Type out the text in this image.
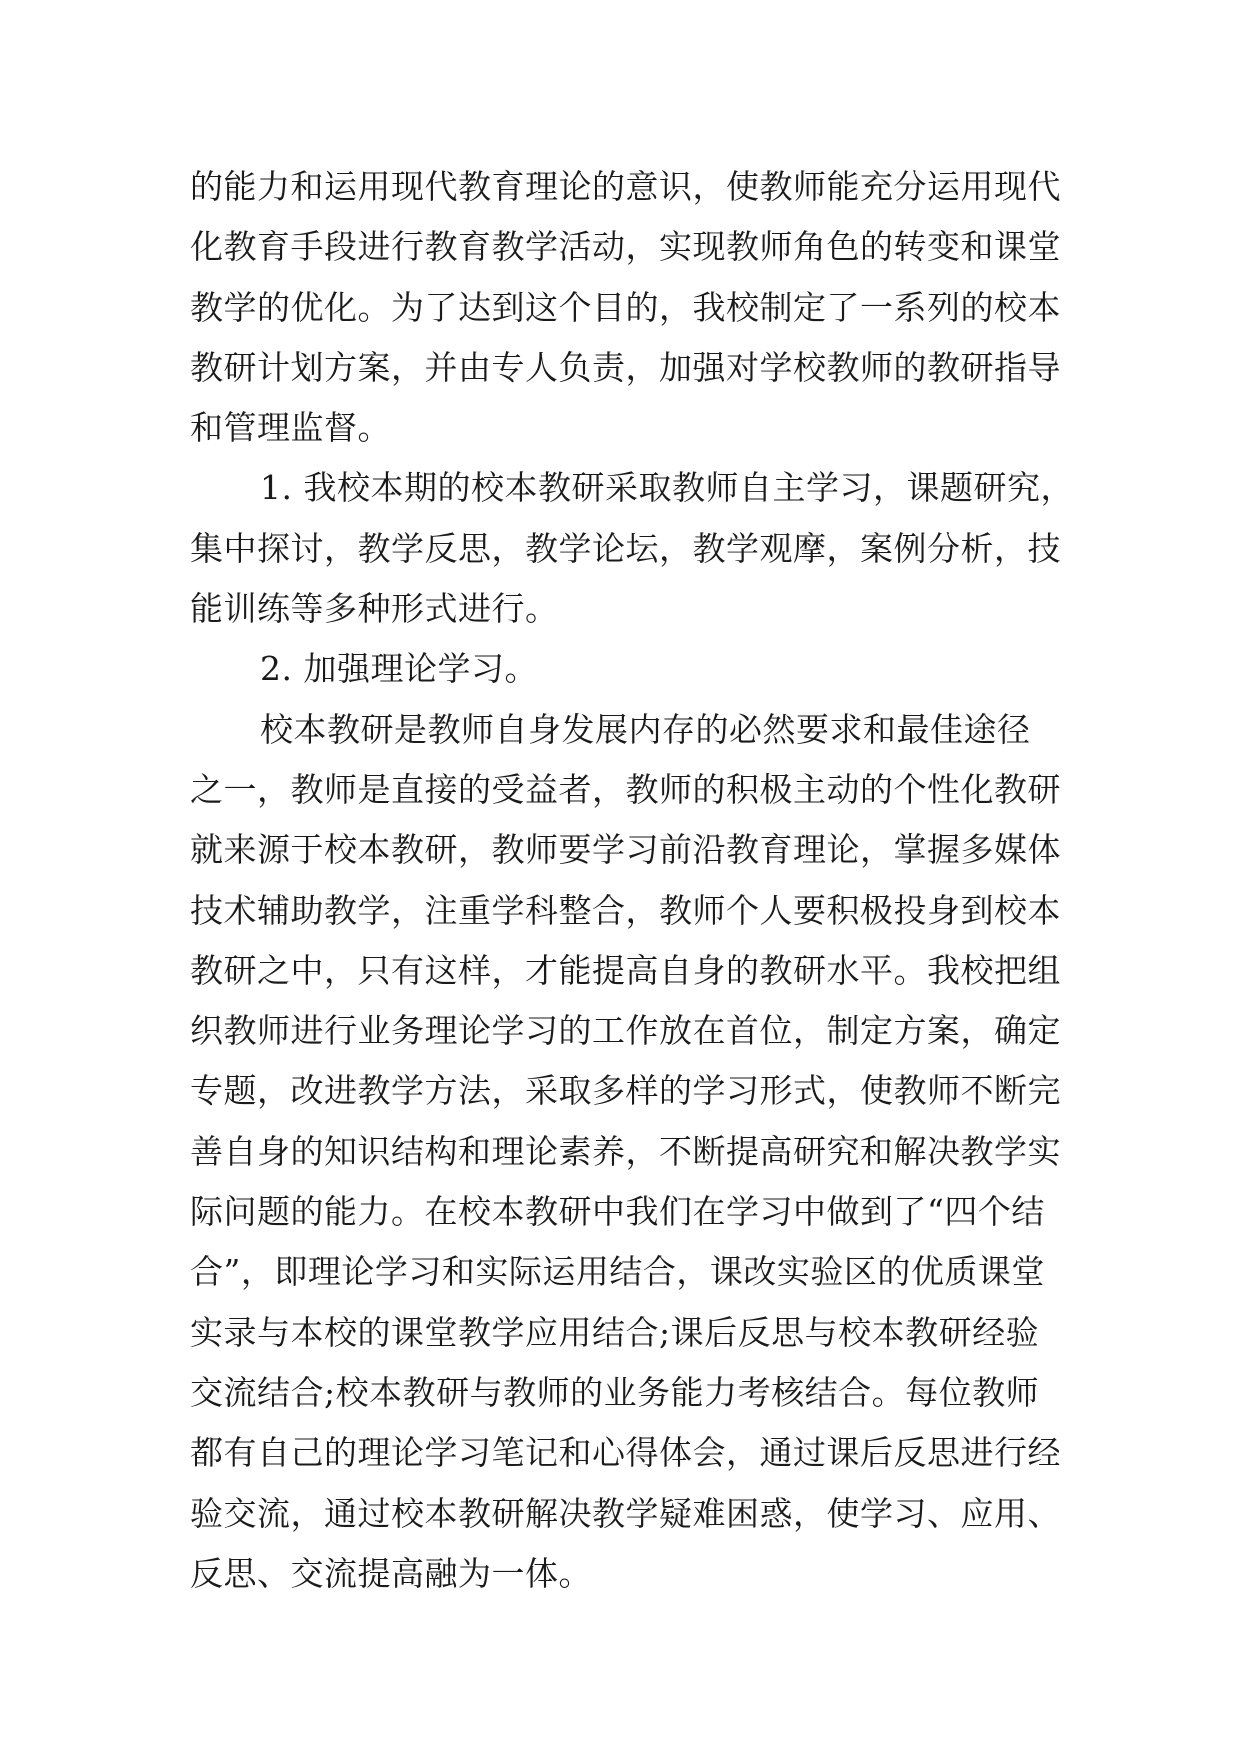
的能力和运用现代教育理论的意识，使教师能充分运用现代
化教育手段进行教育教学活动，实现教师角色的转变和课堂
教学的优化。为了达到这个目的，我校制定了一系列的校本
教研计划方案，并由专人负责，加强对学校教师的教研指导
和管理监督。
1. 我校本期的校本教研采取教师自主学习，课题研究，
集中探讨，教学反思，教学论坛，教学观摩，案例分析，技
能训练等多种形式进行。
2. 加强理论学习。
校本教研是教师自身发展内存的必然要求和最佳途径
之一，教师是直接的受益者，教师的积极主动的个性化教研
就来源于校本教研，教师要学习前沿教育理论，掌握多媒体
技术辅助教学，注重学科整合，教师个人要积极投身到校本
教研之中，只有这样，才能提高自身的教研水平。我校把组
织教师进行业务理论学习的工作放在首位，制定方案，确定
专题，改进教学方法，采取多样的学习形式，使教师不断完
善自身的知识结构和理论素养，不断提高研究和解决教学实
际问题的能力。在校本教研中我们在学习中做到了“四个结
合”，即理论学习和实际运用结合，课改实验区的优质课堂
实录与本校的课堂教学应用结合;课后反思与校本教研经验
交流结合;校本教研与教师的业务能力考核结合。每位教师
都有自己的理论学习笔记和心得体会，通过课后反思进行经
验交流，通过校本教研解决教学疑难困惑，使学习、应用、
反思、交流提高融为一体。
